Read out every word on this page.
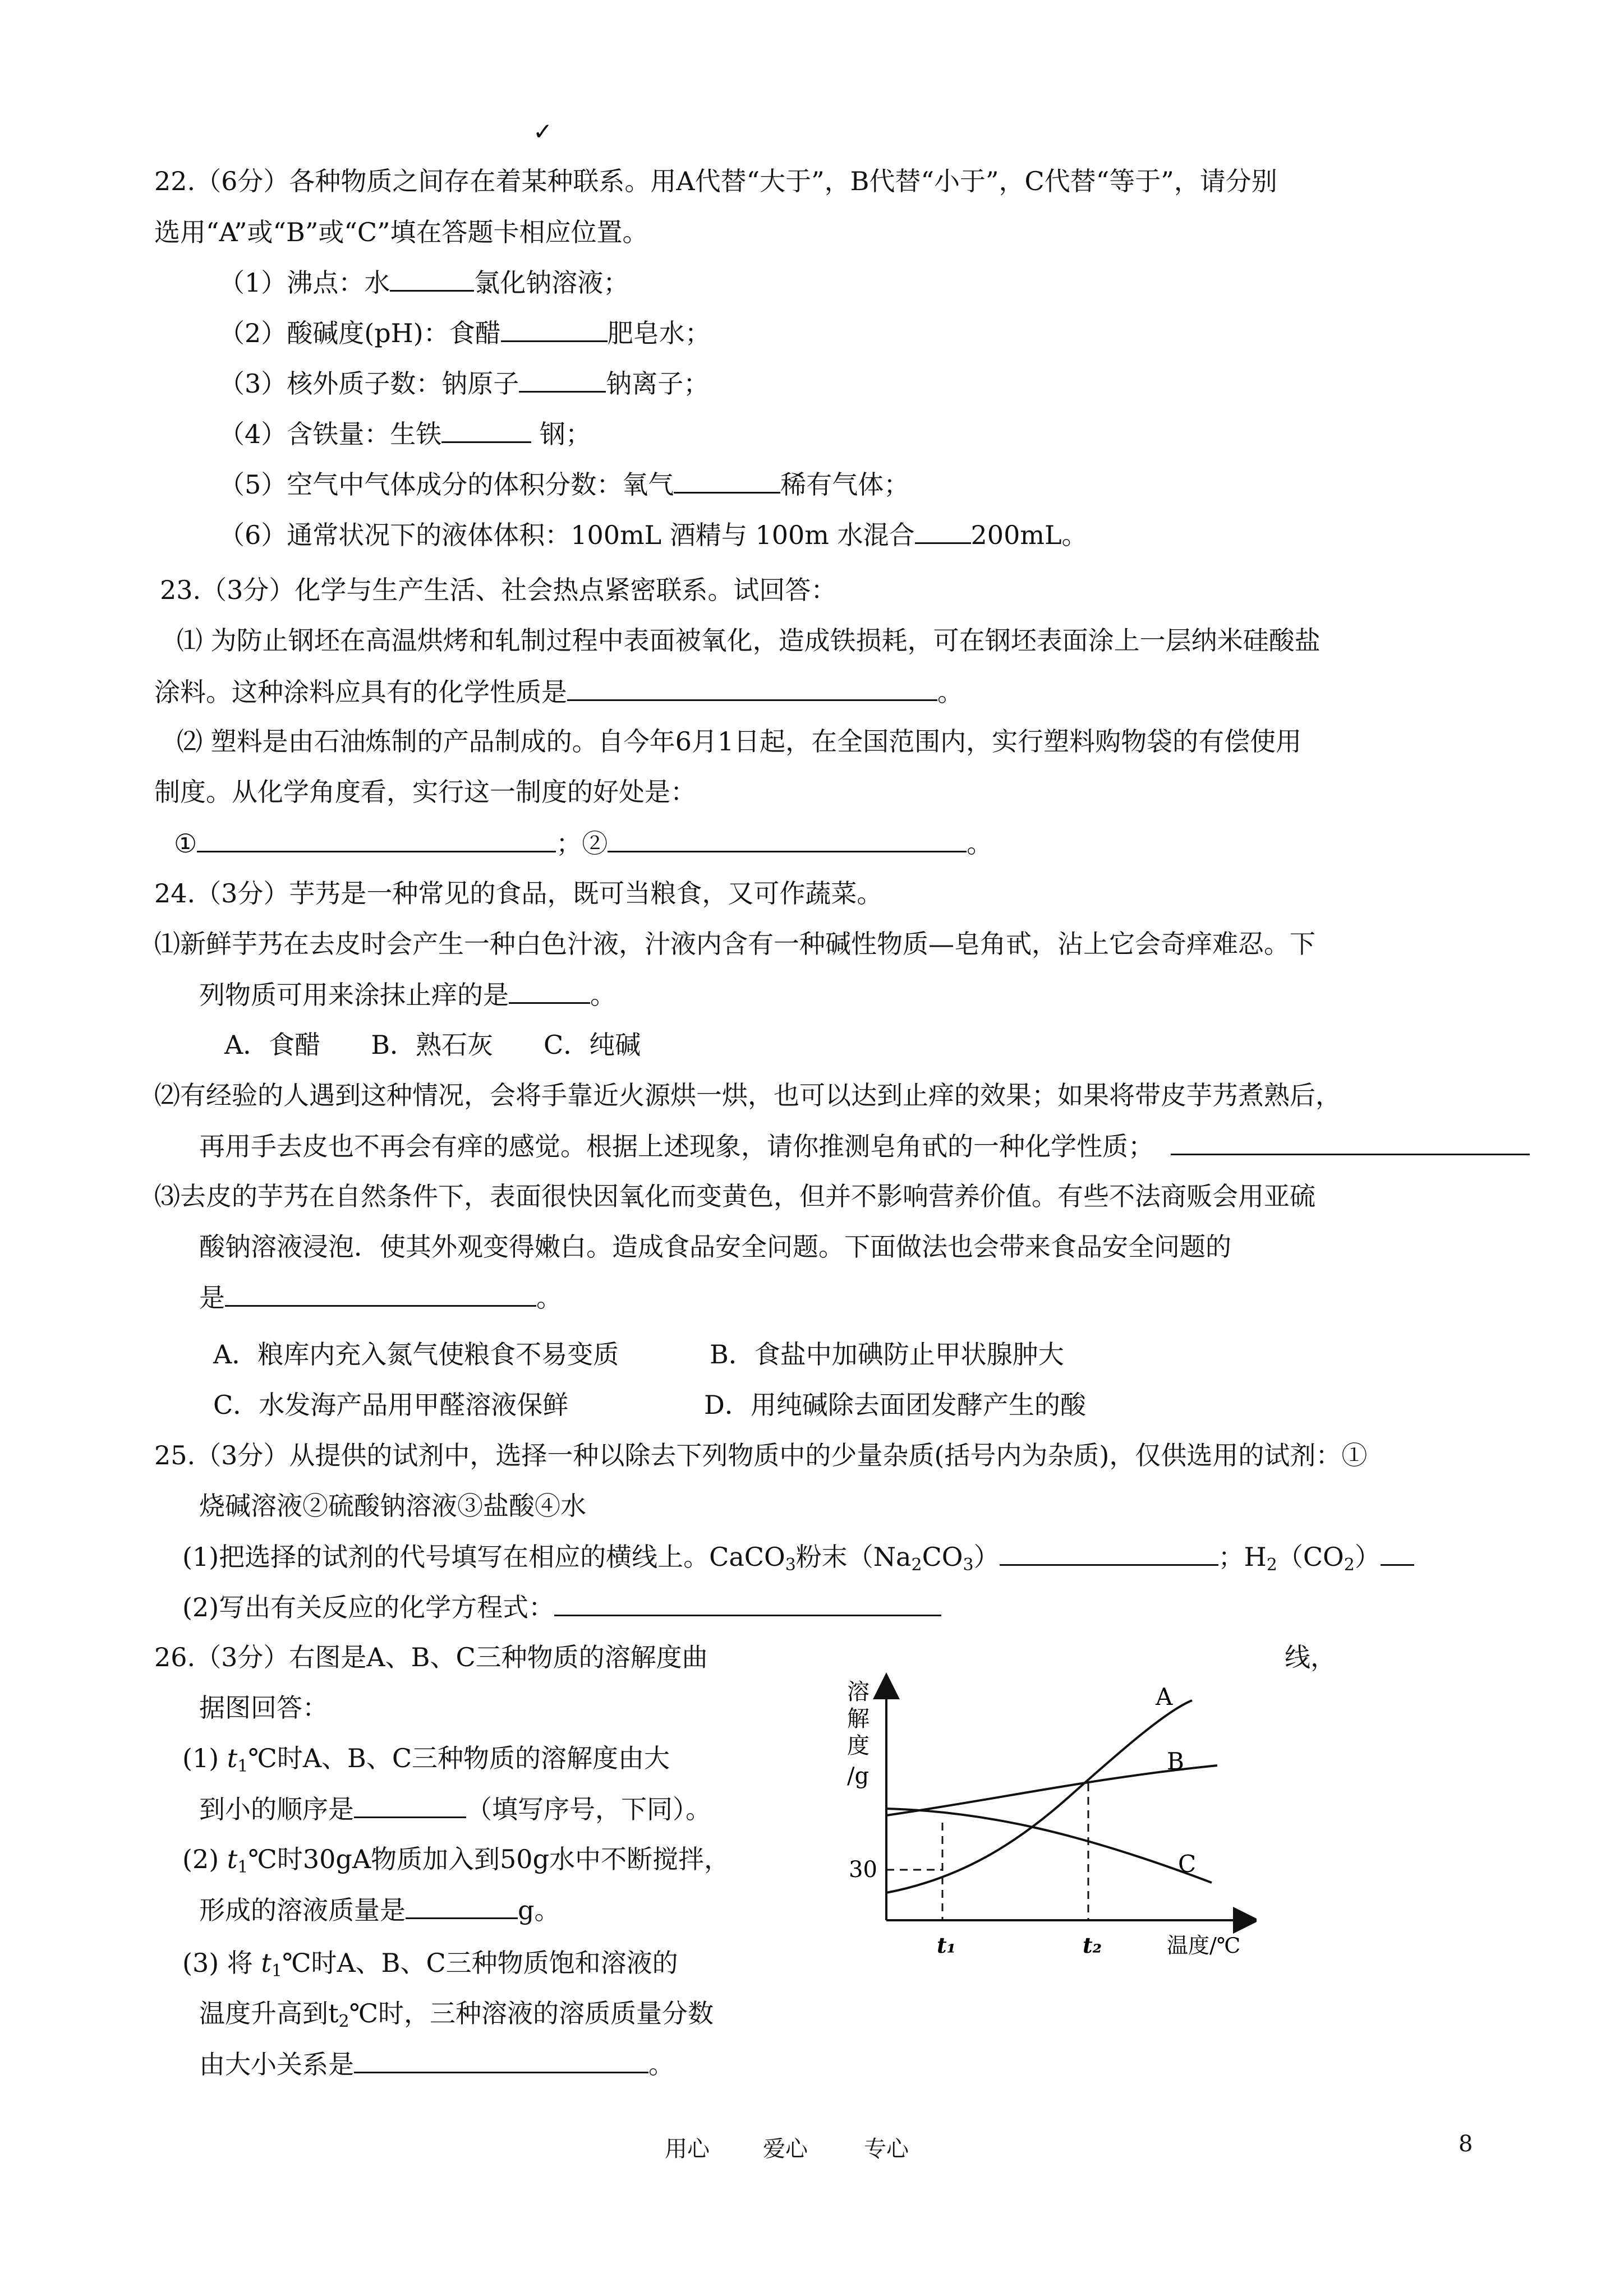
✓
22.（6分）各种物质之间存在着某种联系。用A代替“大于”，B代替“小于”，C代替“等于”，请分别
选用“A”或“B”或“C”填在答题卡相应位置。
（1）沸点：水	氯化钠溶液；
（2）酸碱度(pH)：食醋	肥皂水；
（3）核外质子数：钠原子	钠离子；
（4）含铁量：生铁	钢；
（5）空气中气体成分的体积分数：氧气	稀有气体；
（6）通常状况下的液体体积：100mL 酒精与 100m 水混合 200mL。
23.（3分）化学与生产生活、社会热点紧密联系。试回答：
⑴ 为防止钢坯在高温烘烤和轧制过程中表面被氧化，造成铁损耗，可在钢坯表面涂上一层纳米硅酸盐
涂料。这种涂料应具有的化学性质是	。
⑵ 塑料是由石油炼制的产品制成的。自今年6月1日起，在全国范围内，实行塑料购物袋的有偿使用
制度。从化学角度看，实行这一制度的好处是：
①	；②	。
24.（3分）芋艿是一种常见的食品，既可当粮食，又可作蔬菜。
⑴新鲜芋艿在去皮时会产生一种白色汁液，汁液内含有一种碱性物质—皂角甙，沾上它会奇痒难忍。下
列物质可用来涂抹止痒的是	。
A．食醋 B．熟石灰 C．纯碱
⑵有经验的人遇到这种情况，会将手靠近火源烘一烘，也可以达到止痒的效果；如果将带皮芋艿煮熟后，
再用手去皮也不再会有痒的感觉。根据上述现象，请你推测皂角甙的一种化学性质；
⑶去皮的芋艿在自然条件下，表面很快因氧化而变黄色，但并不影响营养价值。有些不法商贩会用亚硫
酸钠溶液浸泡．使其外观变得嫩白。造成食品安全问题。下面做法也会带来食品安全问题的
是	。
A．粮库内充入氮气使粮食不易变质	B．食盐中加碘防止甲状腺肿大
C．水发海产品用甲醛溶液保鲜	D．用纯碱除去面团发酵产生的酸
25.（3分）从提供的试剂中，选择一种以除去下列物质中的少量杂质(括号内为杂质)，仅供选用的试剂：①
烧碱溶液②硫酸钠溶液③盐酸④水
(1)把选择的试剂的代号填写在相应的横线上。CaCO$_3$粉末$(Na_2CO_3)$	；$H_2(CO_2)$
(2)写出有关反应的化学方程式：
26.（3分）右图是A、B、C三种物质的溶解度曲	线，
据图回答：
(1) $t_1℃$时A、B、C三种物质的溶解度由大
到小的顺序是	（填写序号，下同）。
(2) $t_1℃$时30gA物质加入到50g水中不断搅拌，
形成的溶液质量是	g。
(3) 将 $t_1℃$时A、B、C三种物质饱和溶液的
温度升高到$t_2℃$时，三种溶液的溶质质量分数
由大小关系是	。
溶
解
度
/g
30
t₁	t₂	温度/℃
A
B
C
用心 爱心	专心	8
